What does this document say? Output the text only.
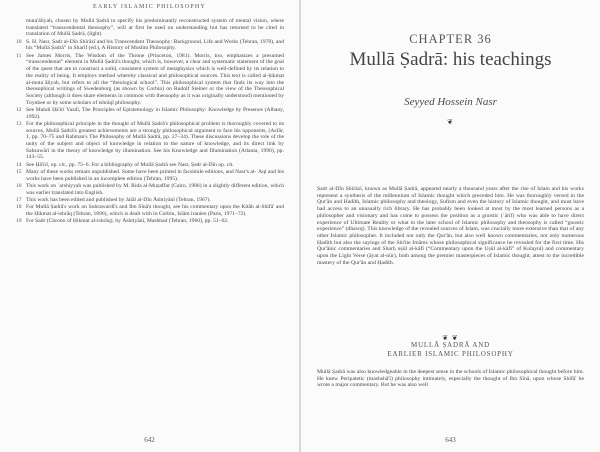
EARLY ISLAMIC PHILOSOPHY
muta'āliyah, chosen by Mullā Ṣadrā to specify his predominantly reconstructed system of mental vision, where translated “transcendental theosophy”, will at first be used on understanding but has returned to be cited in translation of Mullā Ṣadrā, (light)
10 S. H. Nasr, Ṣadr al-Dīn Shīrāzī and his Transcendent Theosophy: Background, Life and Works (Tehran, 1978), and his “Mullā Ṣadrā” in Sharīf (ed.), A History of Muslim Philosophy.
11 See James Morris, The Wisdom of the Throne (Princeton, 1981). Morris, too, emphasizes a presumed “transcendental” element in Mullā Ṣadrā's thought, which is, however, a clear and systematic statement of the goal of the quest that are to construct a solid, consistent system of metaphysics which is well-defined by its relation to the reality of being. It employs method whereby classical and philosophical sources. This text is called al-ḥikmat al-mutaʿāliyah, but refers to all the “theological school”. This philosophical system that finds its way into the theosophical writings of Swedenborg (as shown by Corbin) on Rudolf Steiner or the view of the Theosophical Society (although it does share elements in common with theosophy as it was originally understood) mentioned by Toynbee or by some scholars of ishrāqī philosophy.
12 See Mahdi Ḥā'irī Yazdī, The Principles of Epistemology in Islamic Philosophy: Knowledge by Presence (Albany, 1992).
13 For the philosophical principle in the thought of Mullā Ṣadrā's philosophical problem is thoroughly covered to its sources, Mullā Ṣadrā's greatest achievements are a strongly philosophical argument to face his opponents, (Asfār, 1, pp. 70–75 and Rahman's The Philosophy of Mullā Ṣadrā, pp. 27–34). These discussions develop the role of the unity of the subject and object of knowledge in relation to the nature of knowledge, and its direct link by Sabzawārī in the theory of knowledge by illumination. See his Knowledge and Illumination (Atlanta, 1990), pp. 143–55.
14 See Ḥā'irī, op. cit., pp. 75–6. For a bibliography of Mullā Ṣadrā see Nasr, Ṣadr al-Dīn op. cit.
15 Many of these works remain unpublished. Some have been printed in facsimile editions, and Nasr's al-ʿAql and his works have been published in an incomplete edition (Tehran, 1995).
16 This work on ʿarshiyyah was published by M. Rida al-Muẓaffar (Cairo, 1986) in a slightly different edition, which was earlier translated into English.
17 This work has been edited and published by Jalāl al-Dīn Āshtiyānī (Tehran, 1967).
18 For Mullā Ṣadrā's work on Suhrawardī's and Ibn Sīnā's thought, see his commentary upon the Kitāb al-Shifā' and the Ḥikmat al-ishrāq (Tehran, 1896), which is dealt with in Corbin, Islām iranien (Paris, 1971–72).
19 For Ṣadr (Chrono of Ḥikmat al-ishrāq), by Āshtiyānī, Mashhad (Tehran, 1960), pp. 51–62.
642
CHAPTER 36
Mullā Ṣadrā: his teachings
Seyyed Hossein Nasr
❦
Ṣadr al-Dīn Shīrāzī, known as Mullā Ṣadrā, appeared nearly a thousand years after the rise of Islam and his works represent a synthesis of the millennium of Islamic thought which preceded him. He was thoroughly versed in the Qur'ān and Ḥadīth, Islamic philosophy and theology, Sufism and even the history of Islamic thought, and must have had access to an unusually rich library. He has probably been looked at most by the most learned persons as a philosopher and visionary and has come to possess the position as a gnostic (ʿārif) who was able to have direct experience of Ultimate Reality or what in the later school of Islamic philosophy and theosophy is called “gnostic experience” (dhawq). This knowledge of the revealed sources of Islam, was crucially more extensive than that of any other Islamic philosopher. It included not only the Qur'ān, but also well known commentaries, not only numerous Ḥadīth but also the sayings of the Shi'ite Imāms whose philosophical significance he revealed for the first time. His Qur'ānic commentaries and Sharḥ uṣūl al-kāfī (“Commentary upon the Uṣūl al-kāfī” of Kulaynī) and commentary upon the Light Verse (āyat al-nūr), both among the premier masterpieces of Islamic thought, attest to the incredible mastery of the Qur'ān and Ḥadīth.
❦ ❦
MULLĀ ṢADRĀ AND
EARLIER ISLAMIC PHILOSOPHY
Mullā Ṣadrā was also knowledgeable in the deepest sense in the schools of Islamic philosophical thought before him. He knew Peripatetic (mashshā'ī) philosophy intimately, especially the thought of Ibn Sīnā, upon whose Shifā' he wrote a major commentary. But he was also well
643
